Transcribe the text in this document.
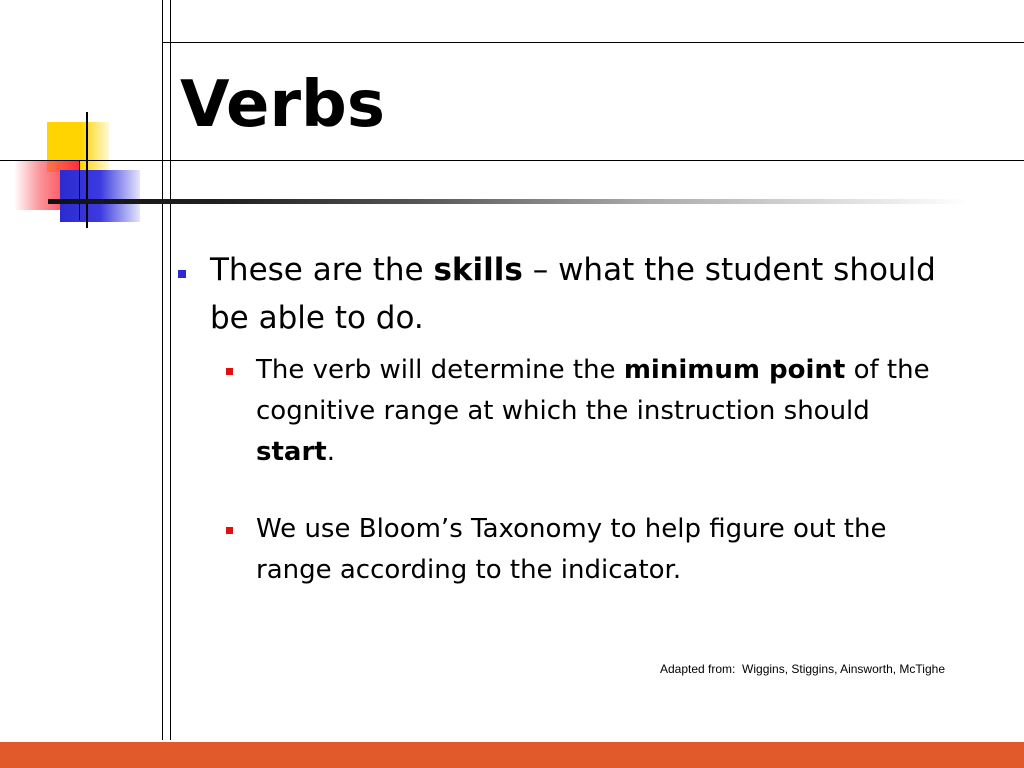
Verbs
These are the skills – what the student should be able to do.
The verb will determine the minimum point of the cognitive range at which the instruction should start.
We use Bloom’s Taxonomy to help figure out the range according to the indicator.
Adapted from:  Wiggins, Stiggins, Ainsworth, McTighe
